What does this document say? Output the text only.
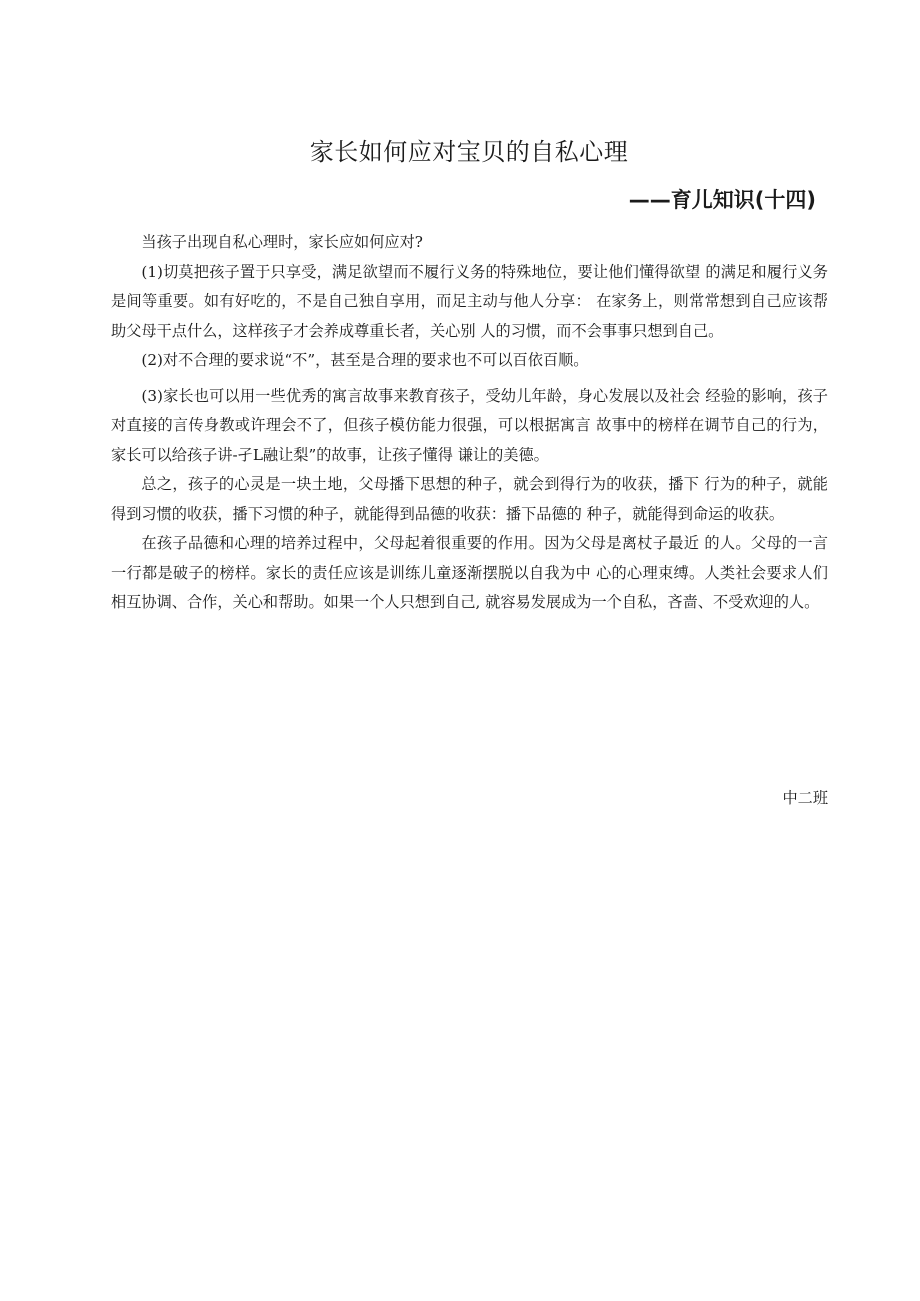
家长如何应对宝贝的自私心理
——育儿知识(十四)

当孩子出现自私心理时，家长应如何应对?

(1)切莫把孩子置于只享受，满足欲望而不履行义务的特殊地位，要让他们懂得欲望 的满足和履行义务是间等重要。如有好吃的，不是自己独自享用，而足主动与他人分享： 在家务上，则常常想到自己应该帮助父母干点什么，这样孩子才会养成尊重长者，关心别 人的习惯，而不会事事只想到自己。

(2)对不合理的要求说“不”，甚至是合理的要求也不可以百依百顺。

(3)家长也可以用一些优秀的寓言故事来教育孩子，受幼儿年龄，身心发展以及社会 经验的影响，孩子对直接的言传身教或许理会不了，但孩子模仿能力很强，可以根据寓言 故事中的榜样在调节自己的行为，家长可以给孩子讲-孑L融让梨”的故事，让孩子懂得 谦让的美德。

总之，孩子的心灵是一块土地，父母播下思想的种子，就会到得行为的收获，播下 行为的种子，就能得到习惯的收获，播下习惯的种子，就能得到品德的收获：播下品德的 种子，就能得到命运的收获。

在孩子品德和心理的培养过程中，父母起着很重要的作用。因为父母是离杖子最近 的人。父母的一言一行都是破子的榜样。家长的责任应该是训练儿童逐渐摆脱以自我为中 心的心理束缚。人类社会要求人们相互协调、合作，关心和帮助。如果一个人只想到自己, 就容易发展成为一个自私，吝啬、不受欢迎的人。

中二班
